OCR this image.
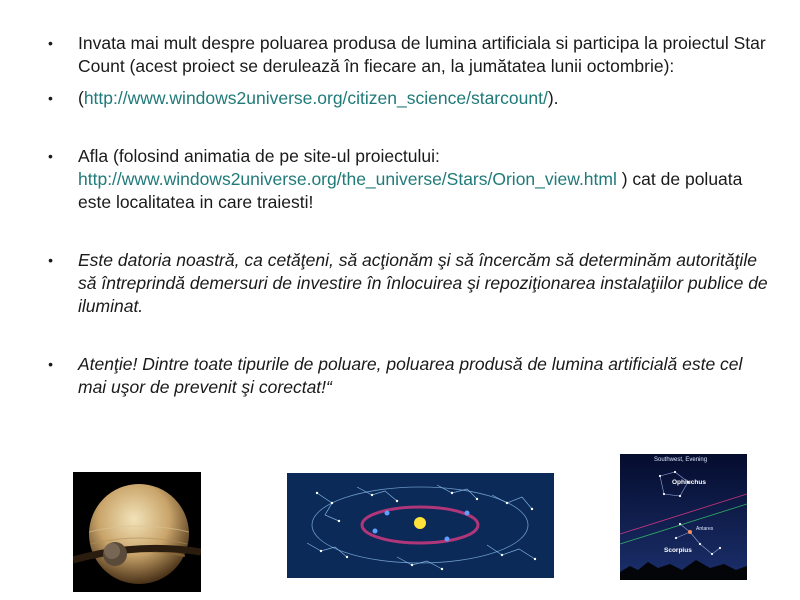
• Invata mai mult despre poluarea produsa de lumina artificiala si participa la proiectul Star Count (acest proiect se derulează în fiecare an, la jumătatea lunii octombrie):
• (http://www.windows2universe.org/citizen_science/starcount/).
• Afla (folosind animatia de pe site-ul proiectului: http://www.windows2universe.org/the_universe/Stars/Orion_view.html ) cat de poluata este localitatea in care traiesti!
• Este datoria noastră, ca cetăţeni, să acţionăm şi să încercăm să determinăm autorităţile să întreprindă demersuri de investire în înlocuirea şi repoziţionarea instalaţiilor publice de iluminat.
• Atenţie! Dintre toate tipurile de poluare, poluarea produsă de lumina artificială este cel mai uşor de prevenit şi corectat!“
Southwest, Evening
Ophiuchus
Antares
Scorpius
